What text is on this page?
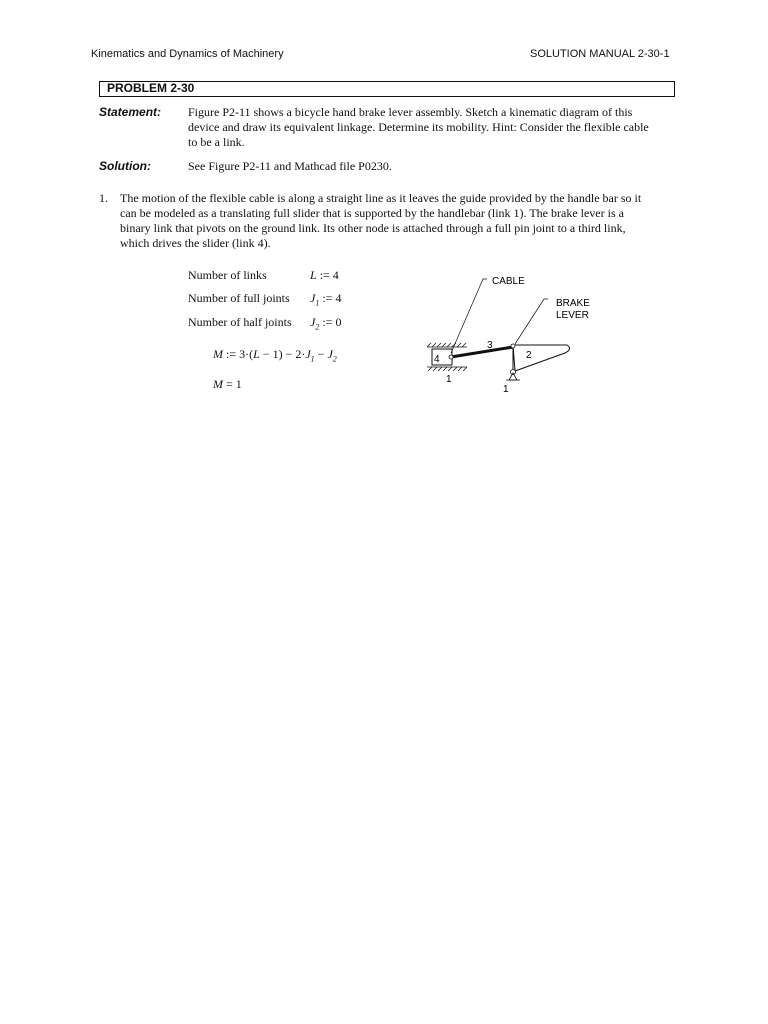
Kinematics and Dynamics of Machinery	SOLUTION MANUAL 2-30-1
PROBLEM 2-30
Statement: Figure P2-11 shows a bicycle hand brake lever assembly. Sketch a kinematic diagram of this
device and draw its equivalent linkage. Determine its mobility. Hint: Consider the flexible cable
to be a link.
Solution:	See Figure P2-11 and Mathcad file P0230.
1. The motion of the flexible cable is along a straight line as it leaves the guide provided by the handle bar so it
can be modeled as a translating full slider that is supported by the handlebar (link 1). The brake lever is a
binary link that pivots on the ground link. Its other node is attached through a full pin joint to a third link,
which drives the slider (link 4).
Number of links	L := 4
Number of full joints $J_1$ := 4
Number of half joints $J_2$ := 0
M := $3\cdot(L - 1) - 2\cdot J_1 - J_2$
M = 1
CABLE
BRAKE
LEVER
4
3
2
1
1
